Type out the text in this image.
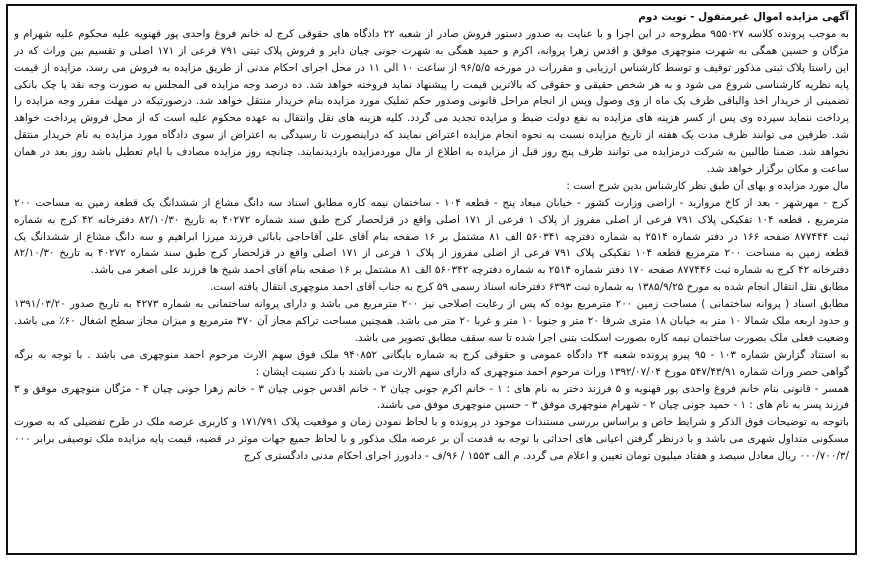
آگهی مزایده اموال غیرمنقول - نوبت دوم
به موجب پرونده کلاسه ۹۵۵۰۲۷ مطروحه در این اجرا و با عنایت به صدور دستور فروش صادر از شعبه ۲۲ دادگاه های حقوقی کرج له خانم فروغ واحدی پور قهنویه علیه محکوم علیه شهرام و
مژگان و حسین همگی به شهرت منوچهری موفق و اقدس زهرا پروانه، اکرم و حمید همگی به شهرت جونی چیان دایر و فروش پلاک ثبتی ۷۹۱ فرعی از ۱۷۱ اصلی و تقسیم بین وراث که در
این راستا پلاک ثبتی مذکور توقیف و توسط کارشناس ارزیابی و مقررات در مورخه ۹۶/۵/۵ از ساعت ۱۰ الی ۱۱ در محل اجرای احکام مدنی از طریق مزایده به فروش می رسد، مزایده از قیمت
پایه نظریه کارشناسی شروع می شود و به هر شخص حقیقی و حقوقی که بالاترین قیمت را پیشنهاد نماید فروخته خواهد شد. ده درصد وجه مزایده فی المجلس به صورت وجه نقد یا چک بانکی
تضمینی از خریدار اخذ والباقی ظرف یک ماه از وی وصول وپس از انجام مراحل قانونی وصدور حکم تملیک مورد مزایده بنام خریدار منتقل خواهد شد. درصورتیکه در مهلت مقرر وجه مزایده را
پرداخت ننماید سپرده وی پس از کسر هزینه های مزایده به نفع دولت ضبط و مزایده تجدید می گردد. کلیه هزینه های نقل وانتقال به عهده محکوم علیه است که از محل فروش پرداخت خواهد
شد. طرفین می توانند ظرف مدت یک هفته از تاریخ مزایده نسبت به نحوه انجام مزایده اعتراض نمایند که دراینصورت تا رسیدگی به اعتراض از سوی دادگاه مورد مزایده به نام خریدار منتقل
نخواهد شد. ضمنا طالبین به شرکت درمزایده می توانند ظرف پنج روز قبل از مزایده به اطلاع از مال موردمزایده بازدیدنمایند. چنانچه روز مزایده مصادف با ایام تعطیل باشد روز بعد در همان
ساعت و مکان برگزار خواهد شد.
مال مورد مزایده و بهای آن طبق نظر کارشناس بدین شرح است :
کرج - مهرشهر - بعد از کاخ مروارید - اراضی وزارت کشور - خیابان میعاد پنج - قطعه ۱۰۴ - ساختمان نیمه کاره مطابق اسناد سه دانگ مشاع از ششدانگ یک قطعه زمین به مساحت ۲۰۰
مترمربع ، قطعه ۱۰۴ تفکیکی پلاک ۷۹۱ فرعی از اصلی مفروز از پلاک ۱ فرعی از ۱۷۱ اصلی واقع در قزلحصار کرج طبق سند شماره ۴۰۲۷۲ به تاریخ ۸۲/۱۰/۳۰ دفترخانه ۴۲ کرج به شماره
ثبت ۸۷۷۴۴۴ صفحه ۱۶۶ در دفتر شماره ۲۵۱۴ به شماره دفترچه ۵۶۰۳۴۱ الف ۸۱ مشتمل بر ۱۶ صفحه بنام آقای علی آقاحاجی بابائی فرزند میرزا ابراهیم و سه دانگ مشاع از ششدانگ یک
قطعه زمین به مساحت ۲۰۰ مترمربع قطعه ۱۰۴ تفکیکی پلاک ۷۹۱ فرعی از اصلی مفروز از پلاک ۱ فرعی از ۱۷۱ اصلی واقع در قزلحصار کرج طبق سند شماره ۴۰۲۷۲ به تاریخ ۸۲/۱۰/۳۰
دفترخانه ۴۲ کرج به شماره ثبت ۸۷۷۴۴۶ صفحه ۱۷۰ دفتر شماره ۲۵۱۴ به شماره دفترچه ۵۶۰۳۴۲ الف ۸۱ مشتمل بر ۱۶ صفحه بنام آقای احمد شیخ ها فرزند علی اصغر می باشد.
مطابق نقل انتقال انجام شده به مورخ ۱۳۸۵/۹/۲۵ به شماره ثبت ۶۳۹۳ دفترخانه اسناد رسمی ۵۹ کرج به جناب آقای احمد منوچهری انتقال یافته است.
مطابق اسناد ( پروانه ساختمانی ) مساحت زمین ۲۰۰ مترمربع بوده که پس از رعایت اصلاحی نیز ۲۰۰ مترمربع می باشد و دارای پروانه ساختمانی به شماره ۴۲۷۳ به تاریخ صدور ۱۳۹۱/۰۳/۲۰
و حدود اربعه ملک شمالا ۱۰ متر به خیابان ۱۸ متری شرقا ۲۰ متر و جنوبا ۱۰ متر و غربا ۲۰ متر می باشد. همچنین مساحت تراکم مجاز آن ۳۷۰ مترمربع و میزان مجاز سطح اشغال ۶۰٪ می باشد.
وضعیت فعلی ملک بصورت ساختمان نیمه کاره بصورت اسکلت بتنی اجرا شده تا سه سقف مطابق تصویر می باشد.
به استناد گزارش شماره ۱۰۳ - ۹۵ پیرو پرونده شعبه ۲۴ دادگاه عمومی و حقوقی کرج به شماره بایگانی ۹۴۰۸۵۲ ملک فوق سهم الارث مرحوم احمد منوچهری می باشد . با توجه به برگه
گواهی حصر وراث شماره ۵۴۷/۴۳/۹۱ مورخ ۱۳۹۲/۰۷/۰۴ وراث مرحوم احمد منوچهری که دارای سهم الارث می باشند با ذکر نسبت ایشان :
همسر - قانونی بنام خانم فروغ واحدی پور قهنویه و ۵ فرزند دختر به نام های : ۱ - خانم اکرم جونی چیان ۲ - خانم اقدس جونی چیان ۳ - خانم زهرا جونی چیان ۴ - مژگان منوچهری موفق و ۳
فرزند پسر به نام های : ۱ - حمید جونی چیان ۲ - شهرام منوچهری موفق ۳ - حسین منوچهری موفق می باشند.
باتوجه به توضیحات فوق الذکر و شرایط خاص و براساس بررسی مستندات موجود در پرونده و با لحاظ نمودن زمان و موقعیت پلاک ۱۷۱/۷۹۱ و کاربری عرصه ملک در طرح تفضیلی که به صورت
مسکونی متداول شهری می باشد و با درنظر گرفتن اعیانی های احداثی با توجه به قدمت آن بر عرصه ملک مذکور و با لحاظ جمیع جهات موثر در قضیه، قیمت پایه مزایده ملک توصیفی برابر ۰۰۰
/۰۰۰/۷۰۰/۳ ریال معادل سیصد و هفتاد میلیون تومان تعیین و اعلام می گردد. م الف ۱۵۵۳ / ۹۶/ف - دادورز اجرای احکام مدنی دادگستری کرج
